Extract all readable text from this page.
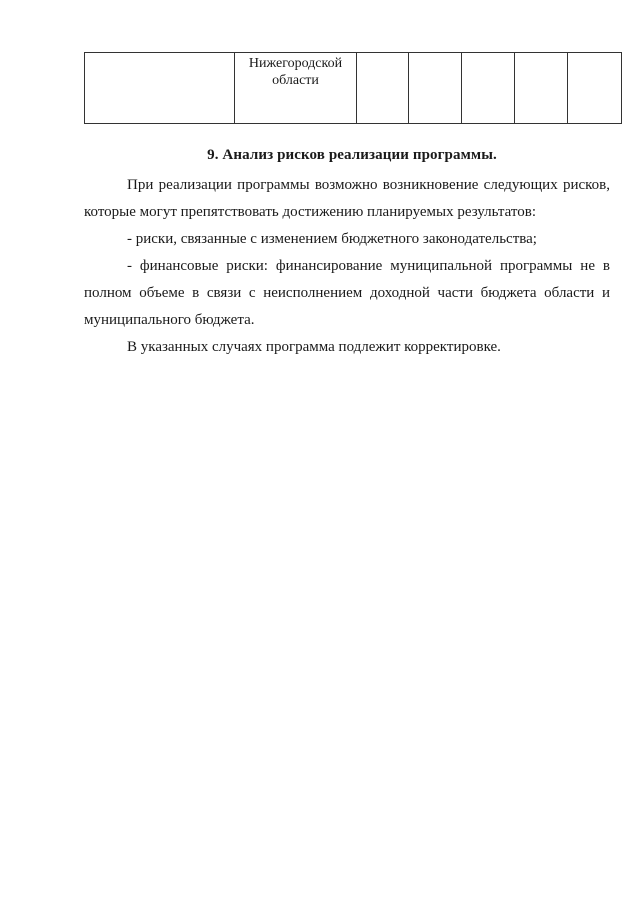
Нижегородской
области

9. Анализ рисков реализации программы.
При реализации программы возможно возникновение следующих рисков, которые могут препятствовать достижению планируемых результатов:
- риски, связанные с изменением бюджетного законодательства;
- финансовые риски: финансирование муниципальной программы не в полном объеме в связи с неисполнением доходной части бюджета области и муниципального бюджета.
В указанных случаях программа подлежит корректировке.
